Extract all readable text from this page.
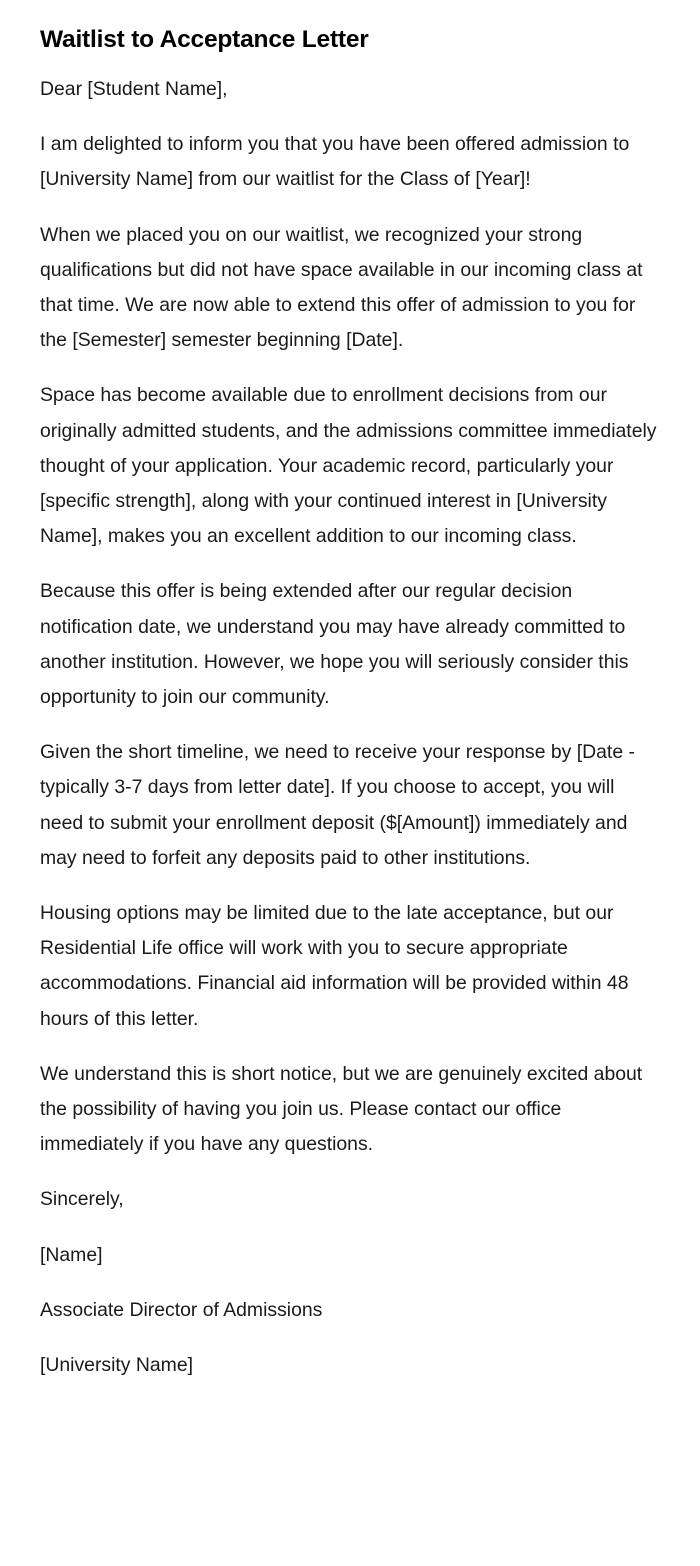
Waitlist to Acceptance Letter

Dear [Student Name],

I am delighted to inform you that you have been offered admission to [University Name] from our waitlist for the Class of [Year]!

When we placed you on our waitlist, we recognized your strong qualifications but did not have space available in our incoming class at that time. We are now able to extend this offer of admission to you for the [Semester] semester beginning [Date].

Space has become available due to enrollment decisions from our originally admitted students, and the admissions committee immediately thought of your application. Your academic record, particularly your [specific strength], along with your continued interest in [University Name], makes you an excellent addition to our incoming class.

Because this offer is being extended after our regular decision notification date, we understand you may have already committed to another institution. However, we hope you will seriously consider this opportunity to join our community.

Given the short timeline, we need to receive your response by [Date - typically 3-7 days from letter date]. If you choose to accept, you will need to submit your enrollment deposit ($[Amount]) immediately and may need to forfeit any deposits paid to other institutions.

Housing options may be limited due to the late acceptance, but our Residential Life office will work with you to secure appropriate accommodations. Financial aid information will be provided within 48 hours of this letter.

We understand this is short notice, but we are genuinely excited about the possibility of having you join us. Please contact our office immediately if you have any questions.

Sincerely,

[Name]

Associate Director of Admissions

[University Name]
